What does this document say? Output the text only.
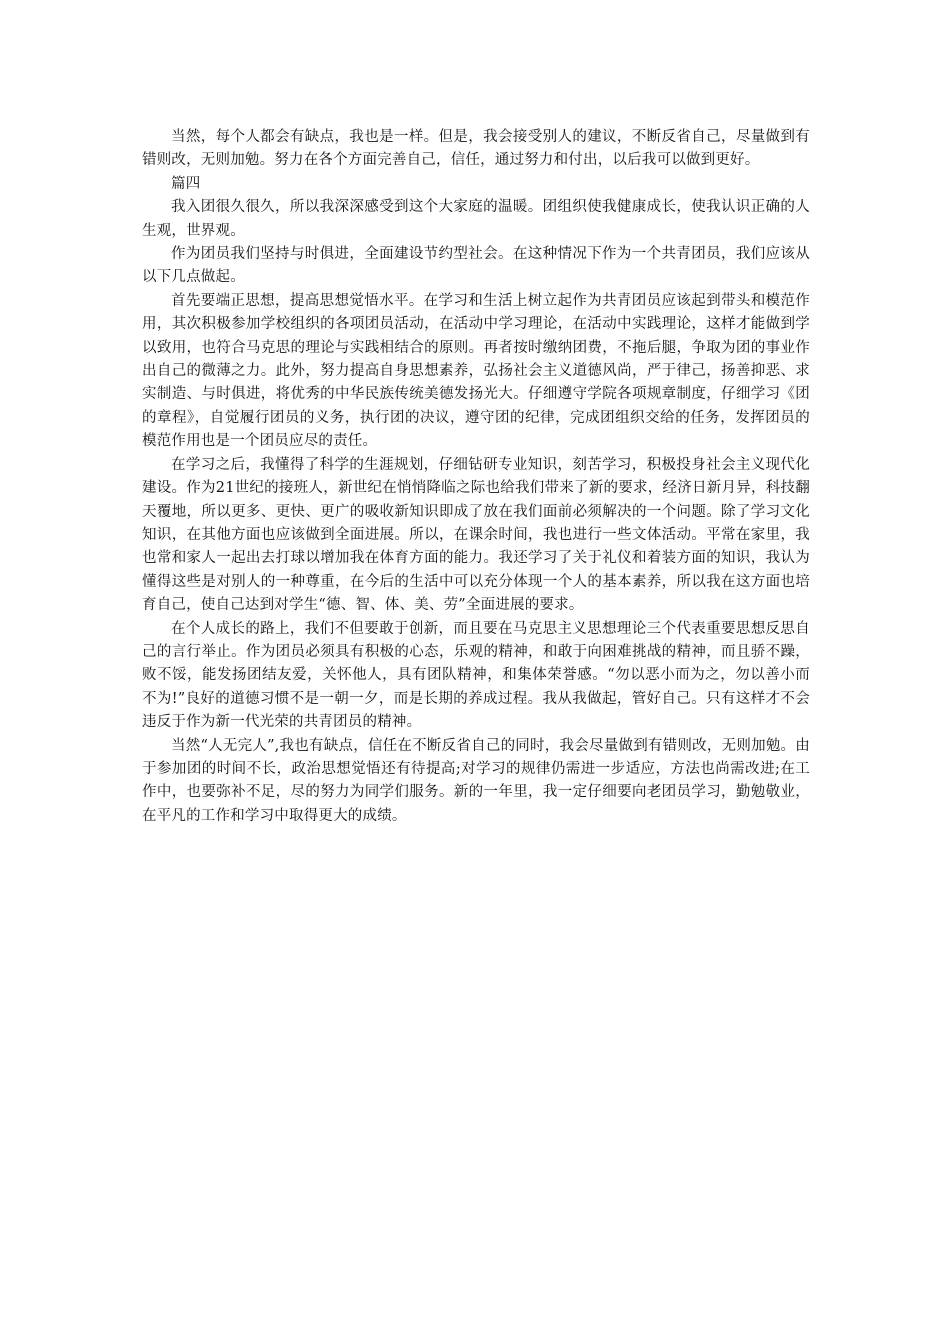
当然，每个人都会有缺点，我也是一样。但是，我会接受别人的建议，不断反省自己，尽量做到有错则改，无则加勉。努力在各个方面完善自己，信任，通过努力和付出，以后我可以做到更好。

篇四

我入团很久很久，所以我深深感受到这个大家庭的温暖。团组织使我健康成长，使我认识正确的人生观，世界观。

作为团员我们坚持与时俱进，全面建设节约型社会。在这种情况下作为一个共青团员，我们应该从以下几点做起。

首先要端正思想，提高思想觉悟水平。在学习和生活上树立起作为共青团员应该起到带头和模范作用，其次积极参加学校组织的各项团员活动，在活动中学习理论，在活动中实践理论，这样才能做到学以致用，也符合马克思的理论与实践相结合的原则。再者按时缴纳团费，不拖后腿，争取为团的事业作出自己的微薄之力。此外，努力提高自身思想素养，弘扬社会主义道德风尚，严于律己，扬善抑恶、求实制造、与时俱进，将优秀的中华民族传统美德发扬光大。仔细遵守学院各项规章制度，仔细学习《团的章程》，自觉履行团员的义务，执行团的决议，遵守团的纪律，完成团组织交给的任务，发挥团员的模范作用也是一个团员应尽的责任。

在学习之后，我懂得了科学的生涯规划，仔细钻研专业知识，刻苦学习，积极投身社会主义现代化建设。作为21世纪的接班人，新世纪在悄悄降临之际也给我们带来了新的要求，经济日新月异，科技翻天覆地，所以更多、更快、更广的吸收新知识即成了放在我们面前必须解决的一个问题。除了学习文化知识，在其他方面也应该做到全面进展。所以，在课余时间，我也进行一些文体活动。平常在家里，我也常和家人一起出去打球以增加我在体育方面的能力。我还学习了关于礼仪和着装方面的知识，我认为懂得这些是对别人的一种尊重，在今后的生活中可以充分体现一个人的基本素养，所以我在这方面也培育自己，使自己达到对学生“德、智、体、美、劳”全面进展的要求。

在个人成长的路上，我们不但要敢于创新，而且要在马克思主义思想理论三个代表重要思想反思自己的言行举止。作为团员必须具有积极的心态，乐观的精神，和敢于向困难挑战的精神，而且骄不躁，败不馁，能发扬团结友爱，关怀他人，具有团队精神，和集体荣誉感。“勿以恶小而为之，勿以善小而不为!”良好的道德习惯不是一朝一夕，而是长期的养成过程。我从我做起，管好自己。只有这样才不会违反于作为新一代光荣的共青团员的精神。

当然“人无完人”,我也有缺点，信任在不断反省自己的同时，我会尽量做到有错则改，无则加勉。由于参加团的时间不长，政治思想觉悟还有待提高;对学习的规律仍需进一步适应，方法也尚需改进;在工作中，也要弥补不足，尽的努力为同学们服务。新的一年里，我一定仔细要向老团员学习，勤勉敬业，在平凡的工作和学习中取得更大的成绩。
